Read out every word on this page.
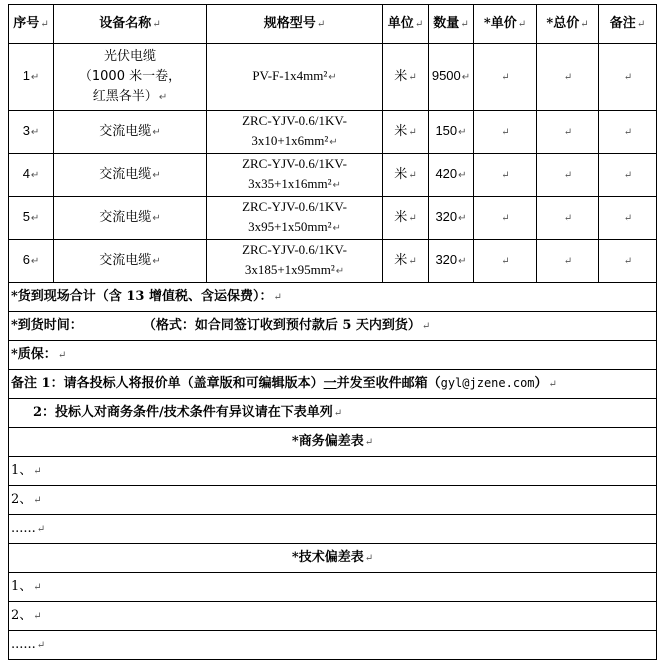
序号↵	设备名称↵	规格型号↵	单位↵	数量↵	*单价↵	*总价↵	备注↵
1↵	光伏电缆
（1000 米一卷，
红黑各半）↵	PV-F-1x4mm²↵	米↵	9500↵	↵	↵	↵
3↵	交流电缆↵	ZRC-YJV-0.6/1KV-
3x10+1x6mm²↵	米↵	150↵	↵	↵	↵
4↵	交流电缆↵	ZRC-YJV-0.6/1KV-
3x35+1x16mm²↵	米↵	420↵	↵	↵	↵
5↵	交流电缆↵	ZRC-YJV-0.6/1KV-
3x95+1x50mm²↵	米↵	320↵	↵	↵	↵
6↵	交流电缆↵	ZRC-YJV-0.6/1KV-
3x185+1x95mm²↵	米↵	320↵	↵	↵	↵
*货到现场合计（含 13 增值税、含运保费）：↵							
*到货时间： （格式：如合同签订收到预付款后 5 天内到货）↵							
*质保：↵							
备注 1：请各投标人将报价单（盖章版和可编辑版本）一并发至收件邮箱（gyl@jzene.com）↵							
2：投标人对商务条件/技术条件有异议请在下表单列↵							
*商务偏差表↵							
1、↵							
2、↵							
......↵							
*技术偏差表↵							
1、↵							
2、↵							
......↵							
